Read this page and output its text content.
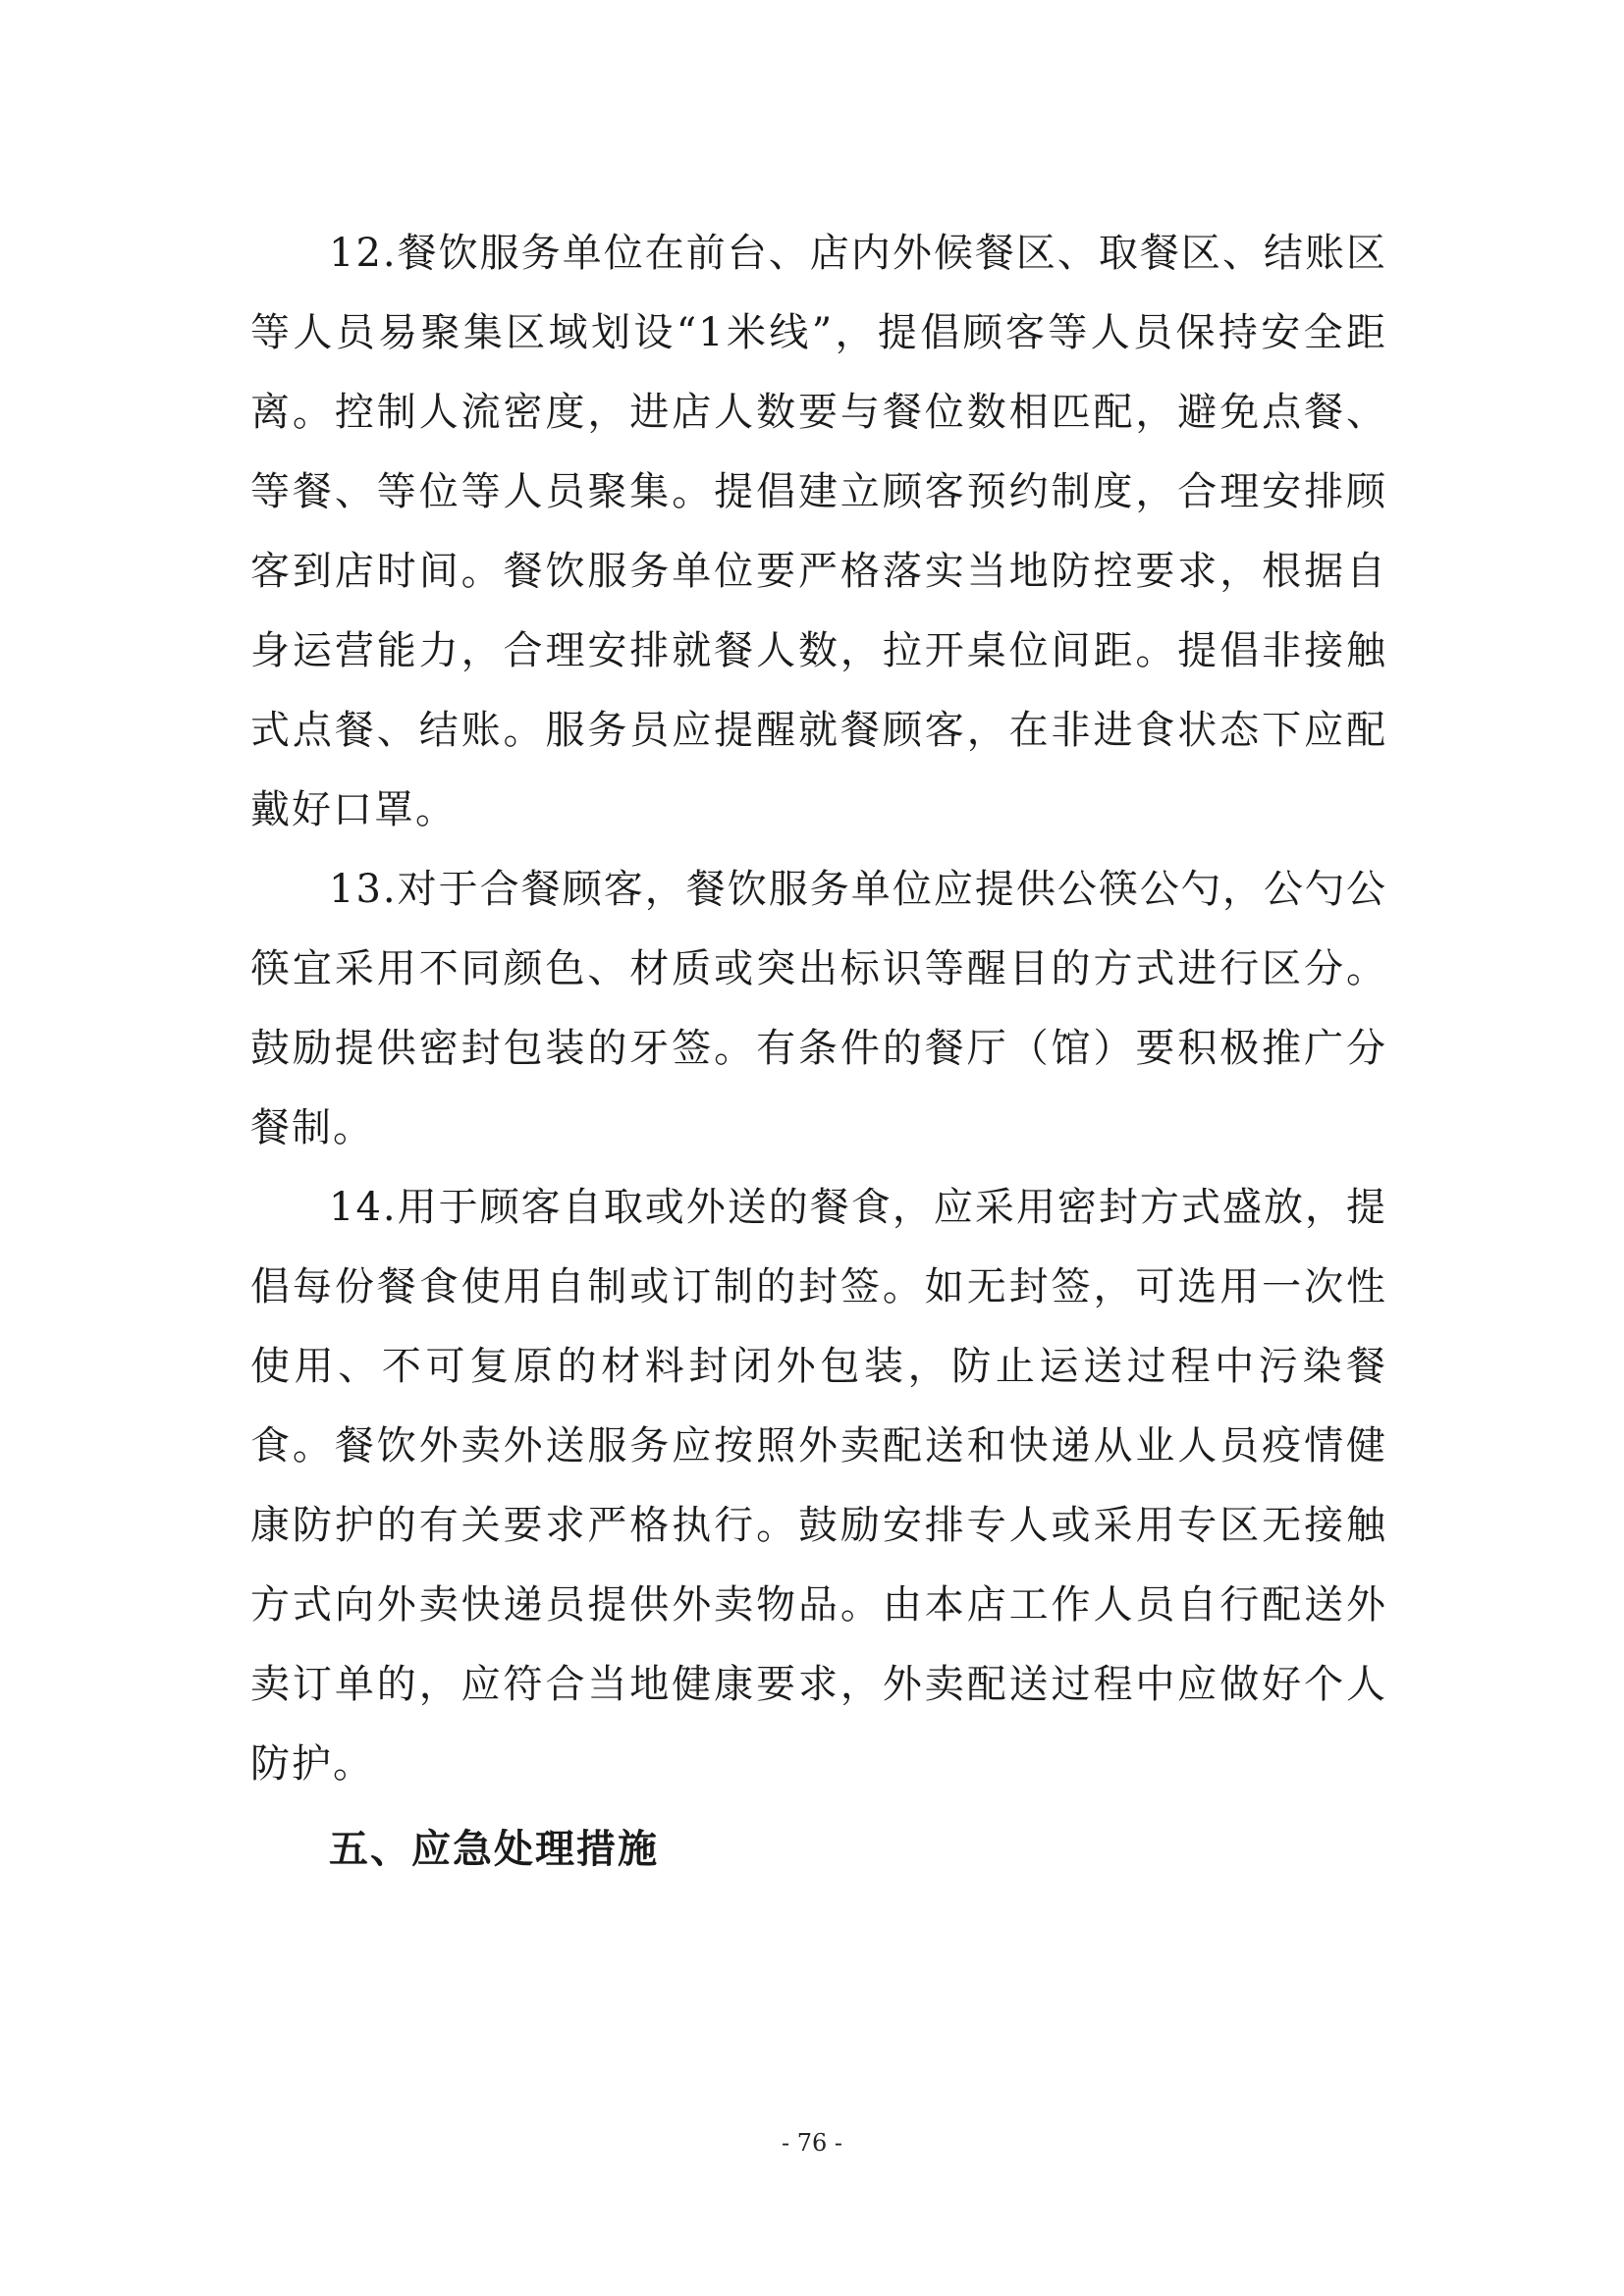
12.餐饮服务单位在前台、店内外候餐区、取餐区、结账区等人员易聚集区域划设“1米线”，提倡顾客等人员保持安全距离。控制人流密度，进店人数要与餐位数相匹配，避免点餐、等餐、等位等人员聚集。提倡建立顾客预约制度，合理安排顾客到店时间。餐饮服务单位要严格落实当地防控要求，根据自身运营能力，合理安排就餐人数，拉开桌位间距。提倡非接触式点餐、结账。服务员应提醒就餐顾客，在非进食状态下应配戴好口罩。

13.对于合餐顾客，餐饮服务单位应提供公筷公勺，公勺公筷宜采用不同颜色、材质或突出标识等醒目的方式进行区分。鼓励提供密封包装的牙签。有条件的餐厅（馆）要积极推广分餐制。

14.用于顾客自取或外送的餐食，应采用密封方式盛放，提倡每份餐食使用自制或订制的封签。如无封签，可选用一次性使用、不可复原的材料封闭外包装，防止运送过程中污染餐食。餐饮外卖外送服务应按照外卖配送和快递从业人员疫情健康防护的有关要求严格执行。鼓励安排专人或采用专区无接触方式向外卖快递员提供外卖物品。由本店工作人员自行配送外卖订单的，应符合当地健康要求，外卖配送过程中应做好个人防护。

五、应急处理措施
- 76 -
